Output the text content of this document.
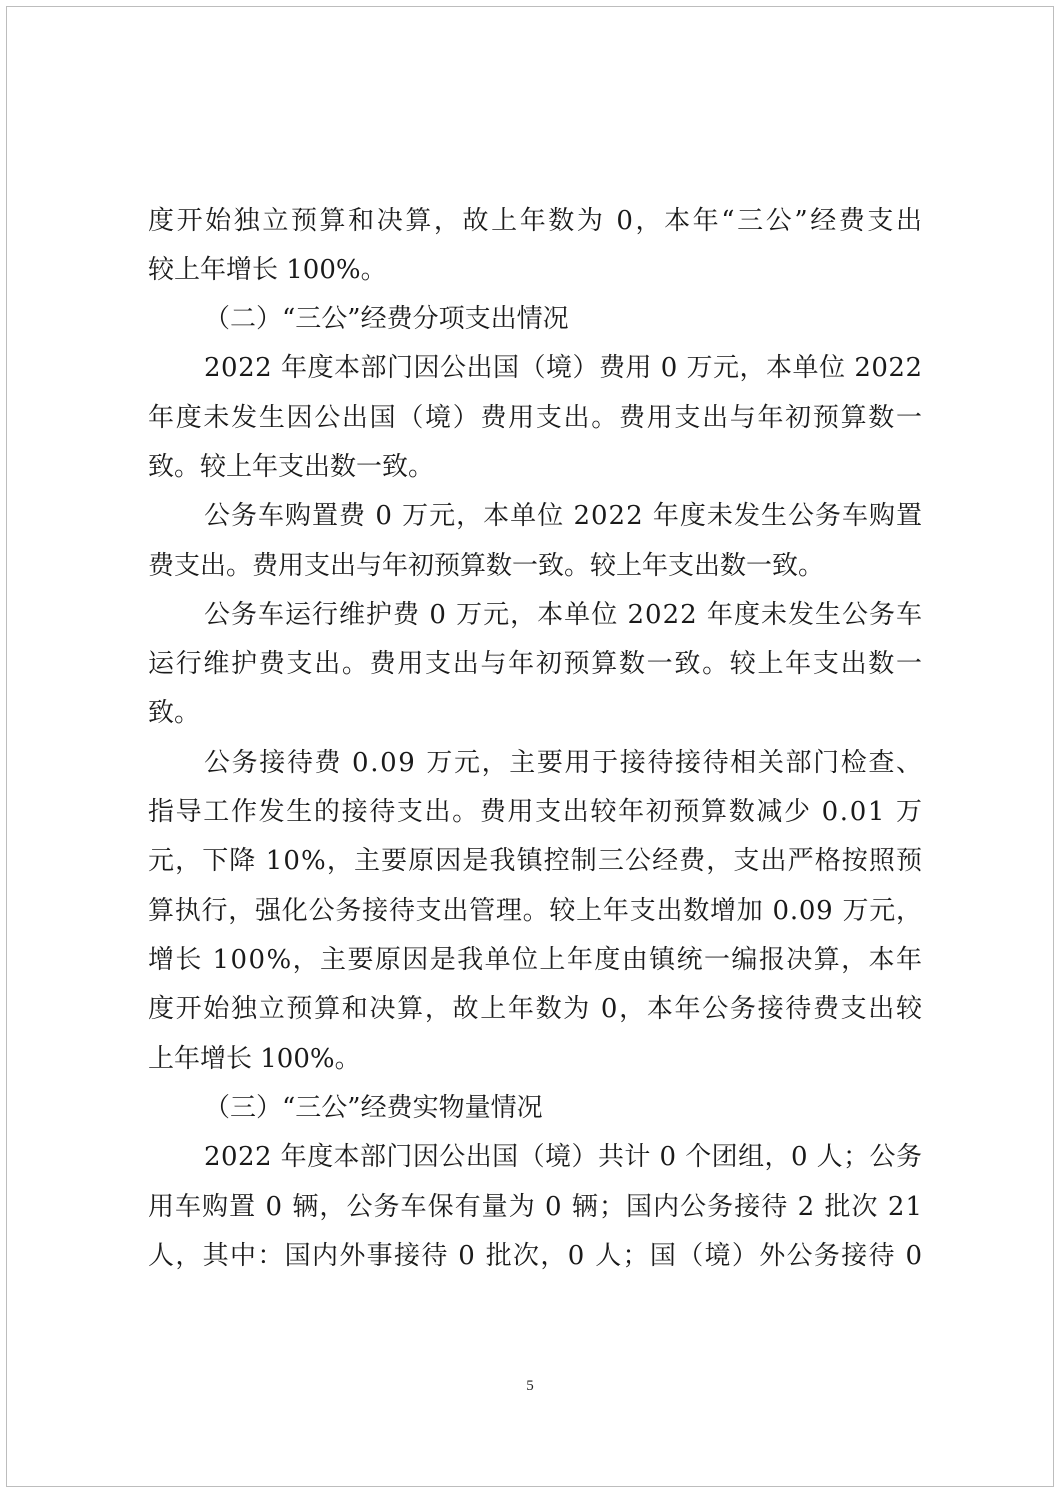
度开始独立预算和决算，故上年数为 0，本年“三公”经费支出
较上年增长 100%。
（二）“三公”经费分项支出情况
2022 年度本部门因公出国（境）费用 0 万元，本单位 2022
年度未发生因公出国（境）费用支出。费用支出与年初预算数一
致。较上年支出数一致。
公务车购置费 0 万元，本单位 2022 年度未发生公务车购置
费支出。费用支出与年初预算数一致。较上年支出数一致。
公务车运行维护费 0 万元，本单位 2022 年度未发生公务车
运行维护费支出。费用支出与年初预算数一致。较上年支出数一
致。
公务接待费 0.09 万元，主要用于接待接待相关部门检查、
指导工作发生的接待支出。费用支出较年初预算数减少 0.01 万
元，下降 10%，主要原因是我镇控制三公经费，支出严格按照预
算执行，强化公务接待支出管理。较上年支出数增加 0.09 万元，
增长 100%，主要原因是我单位上年度由镇统一编报决算，本年
度开始独立预算和决算，故上年数为 0，本年公务接待费支出较
上年增长 100%。
（三）“三公”经费实物量情况
2022 年度本部门因公出国（境）共计 0 个团组，0 人；公务
用车购置 0 辆，公务车保有量为 0 辆；国内公务接待 2 批次 21
人，其中：国内外事接待 0 批次，0 人；国（境）外公务接待 0
5
